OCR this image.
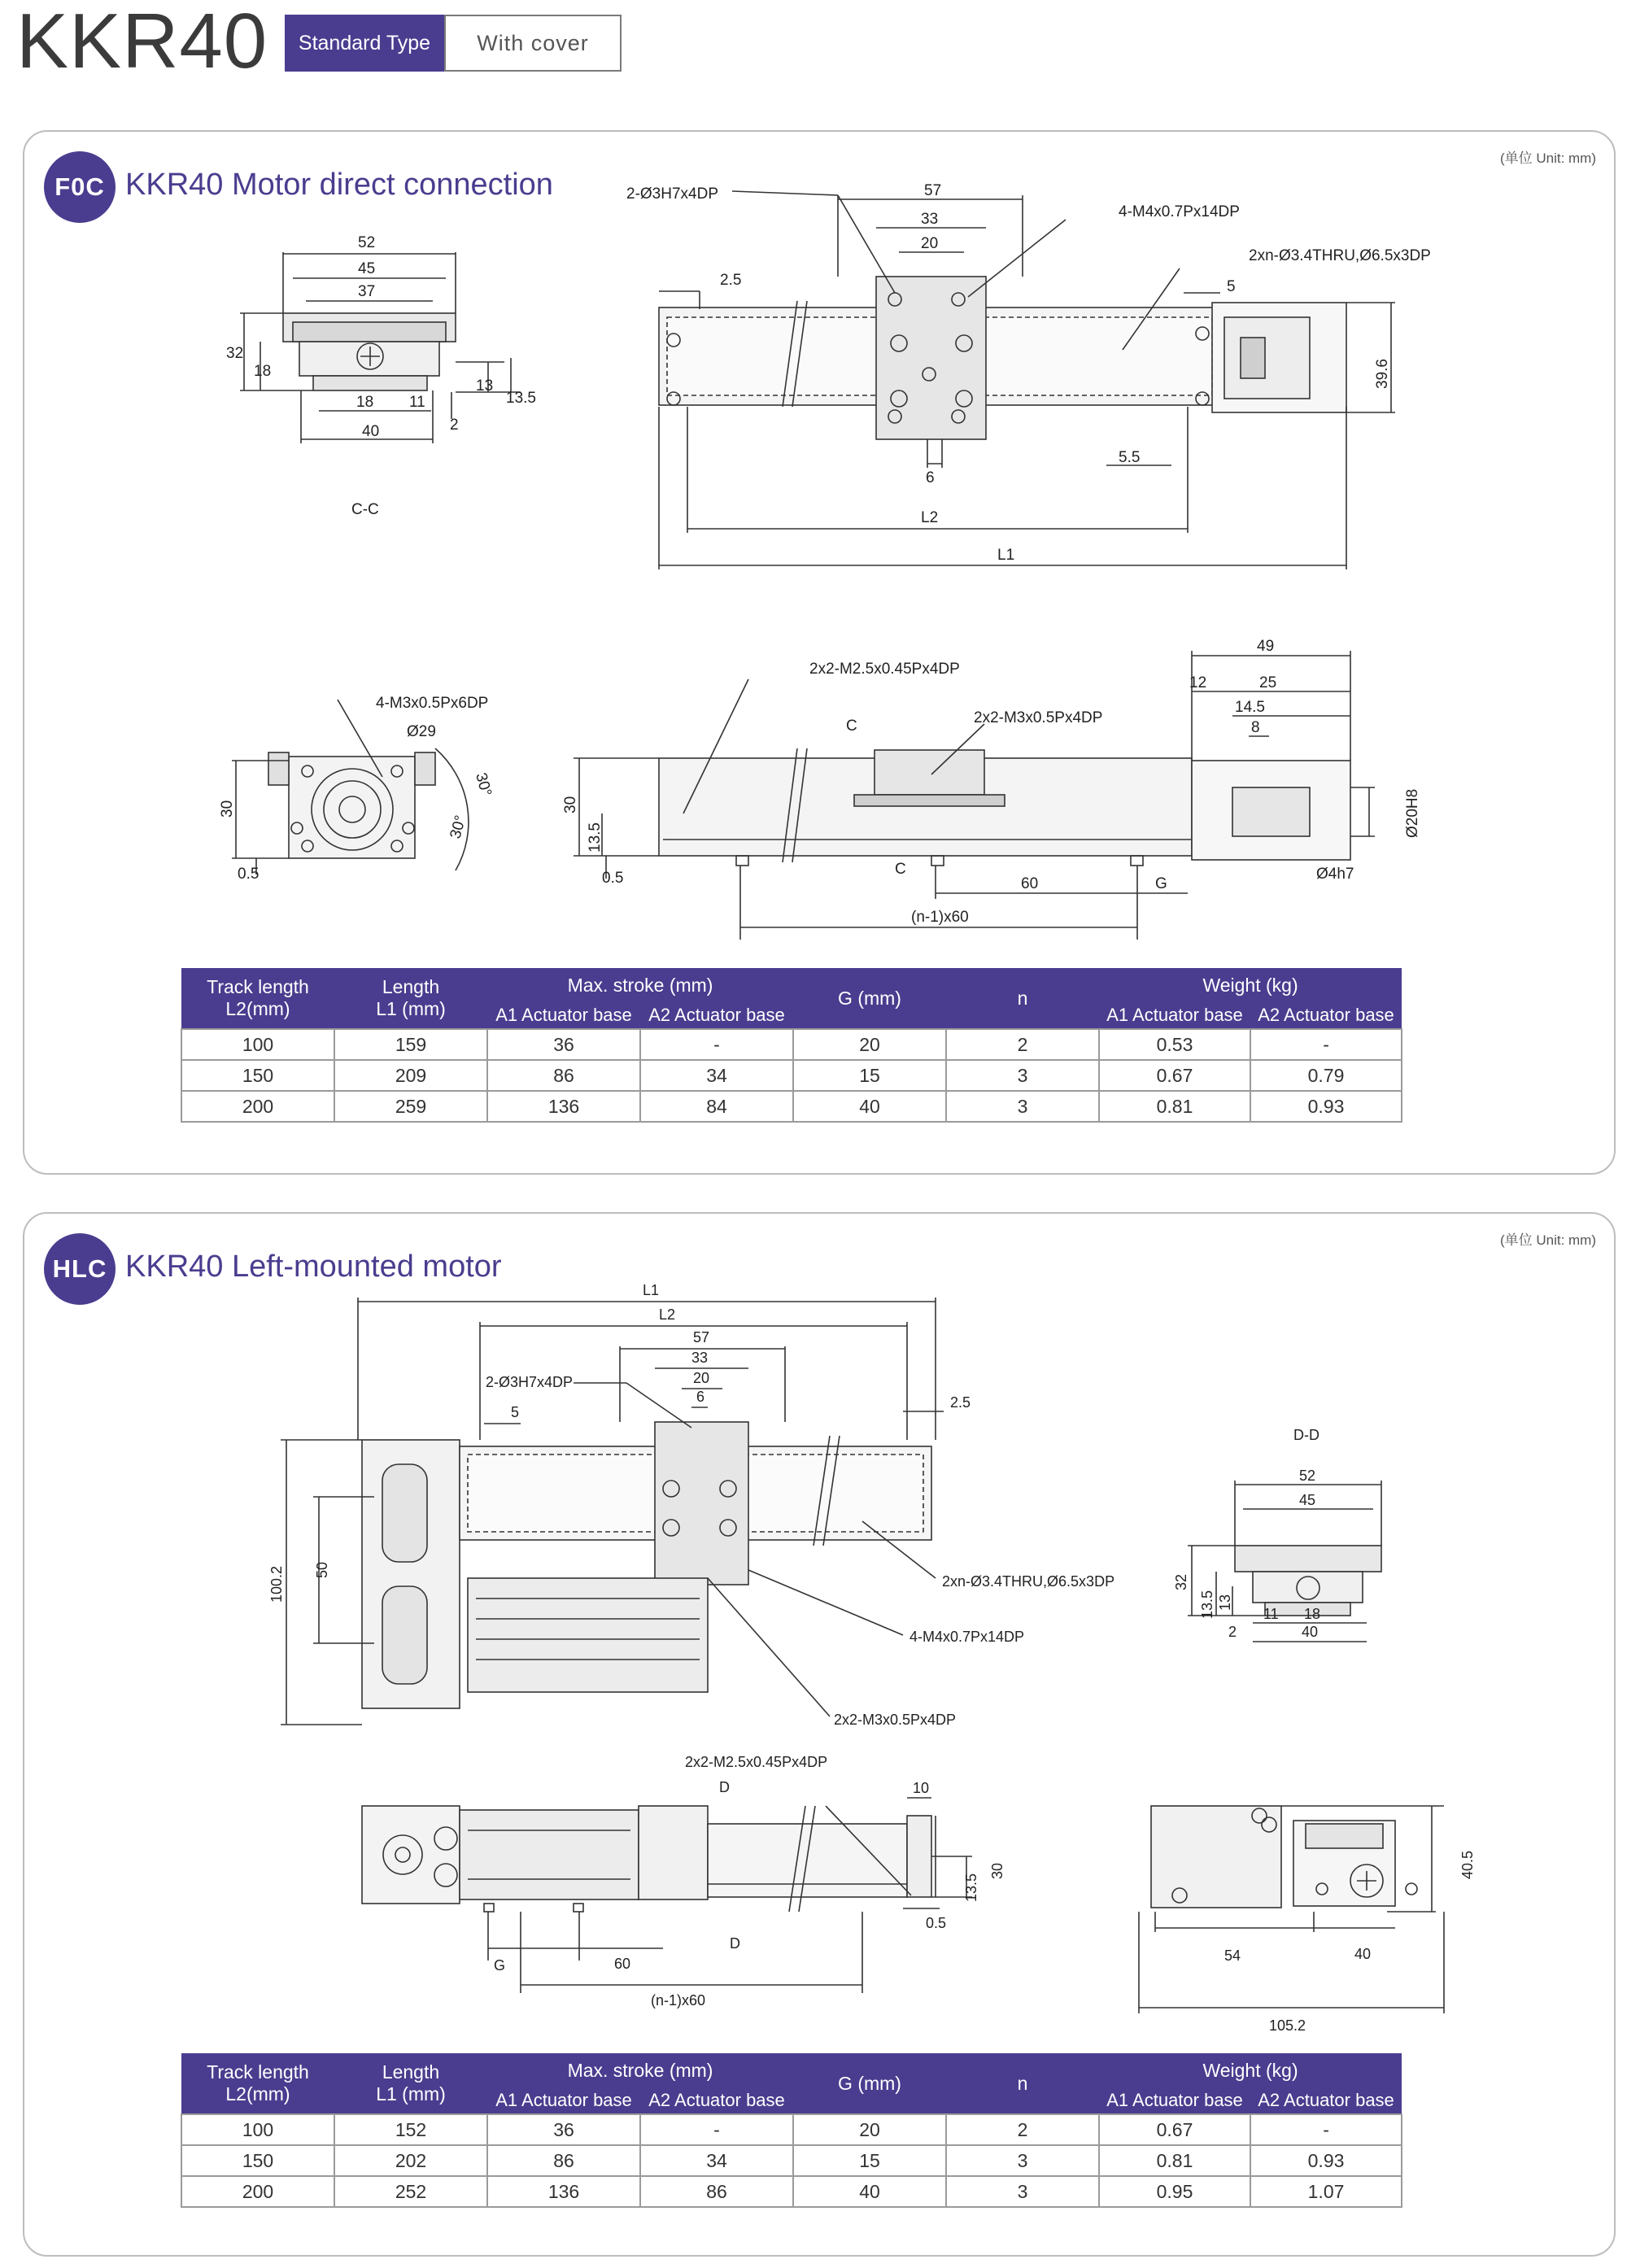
KKR40	Standard Type	With cover
F0C KKR40 Motor direct connection
(单位 Unit: mm)
52
45
37
32
18
13
13.5
18 11
2
40
C-C
2-Ø3H7x4DP	57
33
20
4-M4x0.7Px14DP
2xn-Ø3.4THRU,Ø6.5x3DP
2.5	5
39.6
5.5
6
L2
L1
4-M3x0.5Px6DP
Ø29
30°
30°
30
0.5
2x2-M2.5x0.45Px4DP
2x2-M3x0.5Px4DP
C
C
49
12	25
14.5
8
30
13.5
0.5	60	G
(n-1)x60
Ø20H8
Ø4h7
Track length
L2(mm)	Length
L1 (mm)	Max. stroke (mm)		G (mm)	n	Weight (kg)	
		A1 Actuator base	A2 Actuator base			A1 Actuator base	A2 Actuator base
100	159	36	-	20	2	0.53	-
150	209	86	34	15	3	0.67	0.79
200	259	136	84	40	3	0.81	0.93
HLC KKR40 Left-mounted motor
(单位 Unit: mm)
L1
L2
57
33
20
6
2-Ø3H7x4DP
5
2.5
100.2 50
2xn-Ø3.4THRU,Ø6.5x3DP
4-M4x0.7Px14DP
2x2-M3x0.5Px4DP
D-D
52
45
32
13.5 13
2
11 18
40
2x2-M2.5x0.45Px4DP
D
D
10
30
13.5
0.5
G	60
(n-1)x60
40.5
54	40
105.2
Track length
L2(mm)	Length
L1 (mm)	Max. stroke (mm)		G (mm)	n	Weight (kg)	
		A1 Actuator base	A2 Actuator base			A1 Actuator base	A2 Actuator base
100	152	36	-	20	2	0.67	-
150	202	86	34	15	3	0.81	0.93
200	252	136	86	40	3	0.95	1.07
